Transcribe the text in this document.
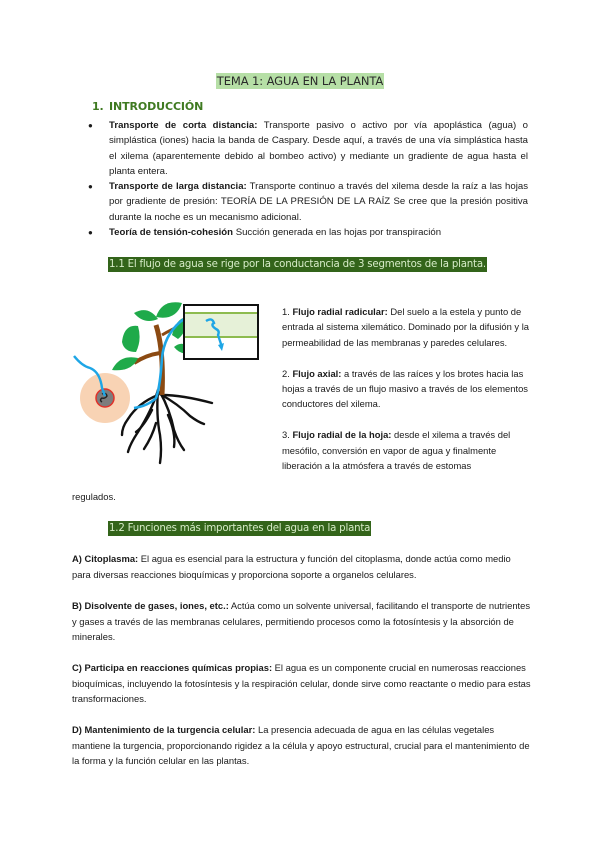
TEMA 1: AGUA EN LA PLANTA
1. INTRODUCCIÓN
● Transporte de corta distancia: Transporte pasivo o activo por vía apoplástica (agua) o simplástica (iones) hacia la banda de Caspary. Desde aquí, a través de una vía simplástica hasta el xilema (aparentemente debido al bombeo activo) y mediante un gradiente de agua hasta el planta entera.
● Transporte de larga distancia: Transporte continuo a través del xilema desde la raíz a las hojas por gradiente de presión: TEORÍA DE LA PRESIÓN DE LA RAÍZ Se cree que la presión positiva durante la noche es un mecanismo adicional.
● Teoría de tensión-cohesión Succión generada en las hojas por transpiración
1.1 El flujo de agua se rige por la conductancia de 3 segmentos de la planta.

1. Flujo radial radicular: Del suelo a la estela y punto de entrada al sistema xilemático. Dominado por la difusión y la permeabilidad de las membranas y paredes celulares.

2. Flujo axial: a través de las raíces y los brotes hacia las hojas a través de un flujo masivo a través de los elementos conductores del xilema.

3. Flujo radial de la hoja: desde el xilema a través del mesófilo, conversión en vapor de agua y finalmente liberación a la atmósfera a través de estomas

regulados.
1.2 Funciones más importantes del agua en la planta

A) Citoplasma: El agua es esencial para la estructura y función del citoplasma, donde actúa como medio para diversas reacciones bioquímicas y proporciona soporte a organelos celulares.

B) Disolvente de gases, iones, etc.: Actúa como un solvente universal, facilitando el transporte de nutrientes y gases a través de las membranas celulares, permitiendo procesos como la fotosíntesis y la absorción de minerales.

C) Participa en reacciones químicas propias: El agua es un componente crucial en numerosas reacciones bioquímicas, incluyendo la fotosíntesis y la respiración celular, donde sirve como reactante o medio para estas transformaciones.

D) Mantenimiento de la turgencia celular: La presencia adecuada de agua en las células vegetales mantiene la turgencia, proporcionando rigidez a la célula y apoyo estructural, crucial para el mantenimiento de la forma y la función celular en las plantas.
